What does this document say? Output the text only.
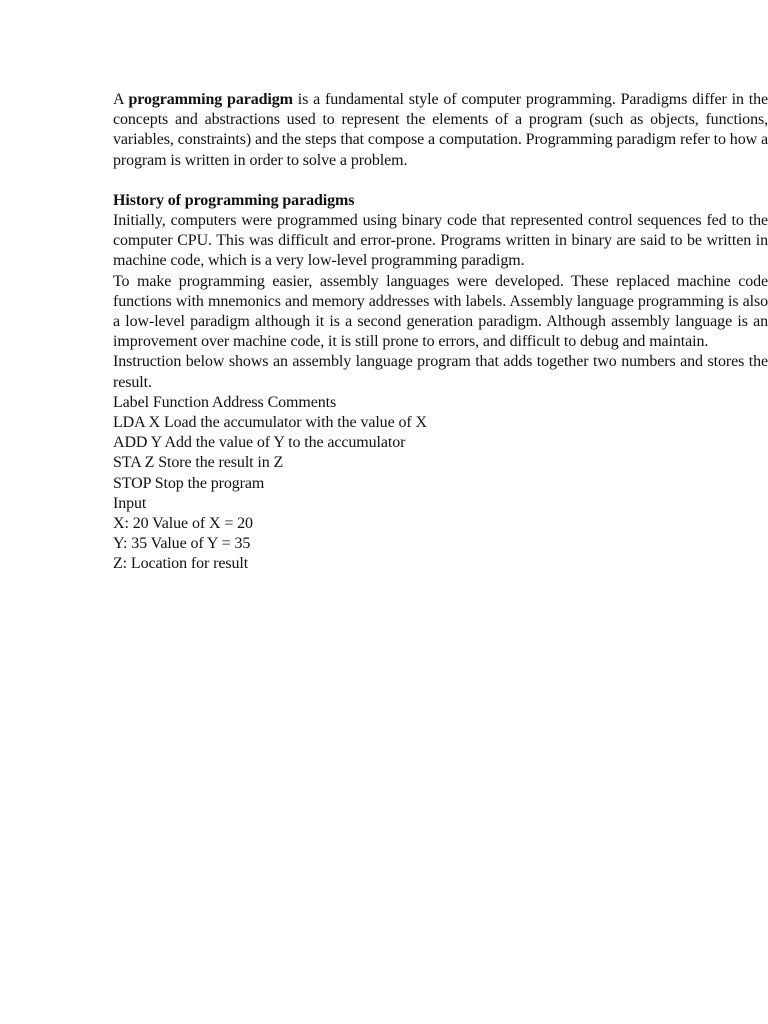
A programming paradigm is a fundamental style of computer programming. Paradigms differ in the concepts and abstractions used to represent the elements of a program (such as objects, functions, variables, constraints) and the steps that compose a computation. Programming paradigm refer to how a program is written in order to solve a problem.

History of programming paradigms

Initially, computers were programmed using binary code that represented control sequences fed to the computer CPU. This was difficult and error-prone. Programs written in binary are said to be written in machine code, which is a very low-level programming paradigm.

To make programming easier, assembly languages were developed. These replaced machine code functions with mnemonics and memory addresses with labels. Assembly language programming is also a low-level paradigm although it is a second generation paradigm. Although assembly language is an improvement over machine code, it is still prone to errors, and difficult to debug and maintain.

Instruction below shows an assembly language program that adds together two numbers and stores the result.

Label Function Address Comments

LDA X Load the accumulator with the value of X

ADD Y Add the value of Y to the accumulator

STA Z Store the result in Z

STOP Stop the program

Input

X: 20 Value of X = 20

Y: 35 Value of Y = 35

Z: Location for result
